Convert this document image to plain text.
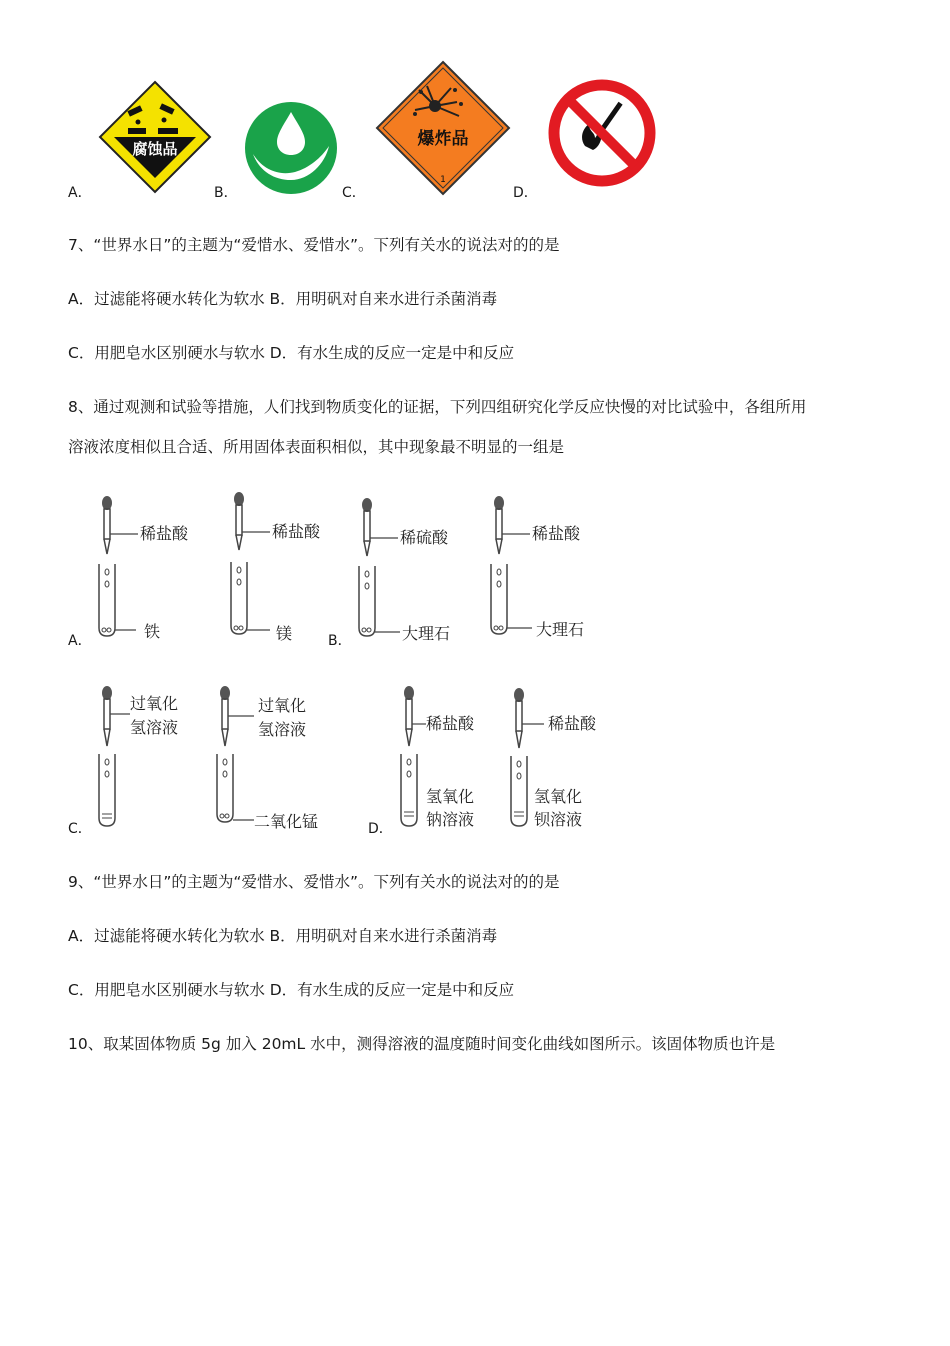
腐蚀品
A．	B．
爆炸品
1
C．	D．
7、“世界水日”的主题为“爱惜水、爱惜水”。下列有关水的说法对的的是
A．过滤能将硬水转化为软水 B．用明矾对自来水进行杀菌消毒
C．用肥皂水区别硬水与软水 D．有水生成的反应一定是中和反应
8、通过观测和试验等措施，人们找到物质变化的证据，下列四组研究化学反应快慢的对比试验中，各组所用
溶液浓度相似且合适、所用固体表面积相似，其中现象最不明显的一组是
稀盐酸
铁
稀盐酸
镁
A．
稀硫酸
大理石
B．
稀盐酸
大理石
过氧化
氢溶液
C．
过氧化
氢溶液
二氧化锰
稀盐酸
氢氧化
钠溶液
D．
稀盐酸
氢氧化
钡溶液
9、“世界水日”的主题为“爱惜水、爱惜水”。下列有关水的说法对的的是
A．过滤能将硬水转化为软水 B．用明矾对自来水进行杀菌消毒
C．用肥皂水区别硬水与软水 D．有水生成的反应一定是中和反应
10、取某固体物质 5g 加入 20mL 水中，测得溶液的温度随时间变化曲线如图所示。该固体物质也许是
